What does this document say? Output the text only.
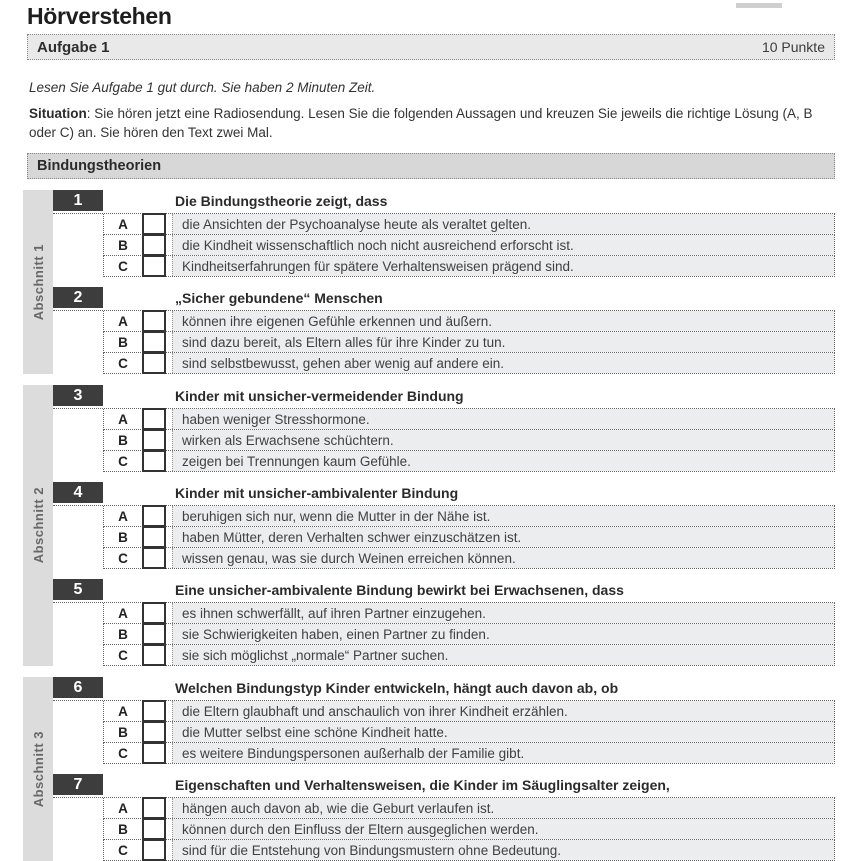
Hörverstehen
Aufgabe 1	10 Punkte

Lesen Sie Aufgabe 1 gut durch. Sie haben 2 Minuten Zeit.

Situation: Sie hören jetzt eine Radiosendung. Lesen Sie die folgenden Aussagen und kreuzen Sie jeweils die richtige Lösung (A, B oder C) an. Sie hören den Text zwei Mal.

Bindungstheorien
Abschnitt 1
1	Die Bindungstheorie zeigt, dass
A	die Ansichten der Psychoanalyse heute als veraltet gelten.
B	die Kindheit wissenschaftlich noch nicht ausreichend erforscht ist.
C	Kindheitserfahrungen für spätere Verhaltensweisen prägend sind.
2	„Sicher gebundene“ Menschen
A	können ihre eigenen Gefühle erkennen und äußern.
B	sind dazu bereit, als Eltern alles für ihre Kinder zu tun.
C	sind selbstbewusst, gehen aber wenig auf andere ein.
Abschnitt 2
3	Kinder mit unsicher-vermeidender Bindung
A	haben weniger Stresshormone.
B	wirken als Erwachsene schüchtern.
C	zeigen bei Trennungen kaum Gefühle.
4	Kinder mit unsicher-ambivalenter Bindung
A	beruhigen sich nur, wenn die Mutter in der Nähe ist.
B	haben Mütter, deren Verhalten schwer einzuschätzen ist.
C	wissen genau, was sie durch Weinen erreichen können.
5	Eine unsicher-ambivalente Bindung bewirkt bei Erwachsenen, dass
A	es ihnen schwerfällt, auf ihren Partner einzugehen.
B	sie Schwierigkeiten haben, einen Partner zu finden.
C	sie sich möglichst „normale“ Partner suchen.
Abschnitt 3
6	Welchen Bindungstyp Kinder entwickeln, hängt auch davon ab, ob
A	die Eltern glaubhaft und anschaulich von ihrer Kindheit erzählen.
B	die Mutter selbst eine schöne Kindheit hatte.
C	es weitere Bindungspersonen außerhalb der Familie gibt.
7	Eigenschaften und Verhaltensweisen, die Kinder im Säuglingsalter zeigen,
A	hängen auch davon ab, wie die Geburt verlaufen ist.
B	können durch den Einfluss der Eltern ausgeglichen werden.
C	sind für die Entstehung von Bindungsmustern ohne Bedeutung.
